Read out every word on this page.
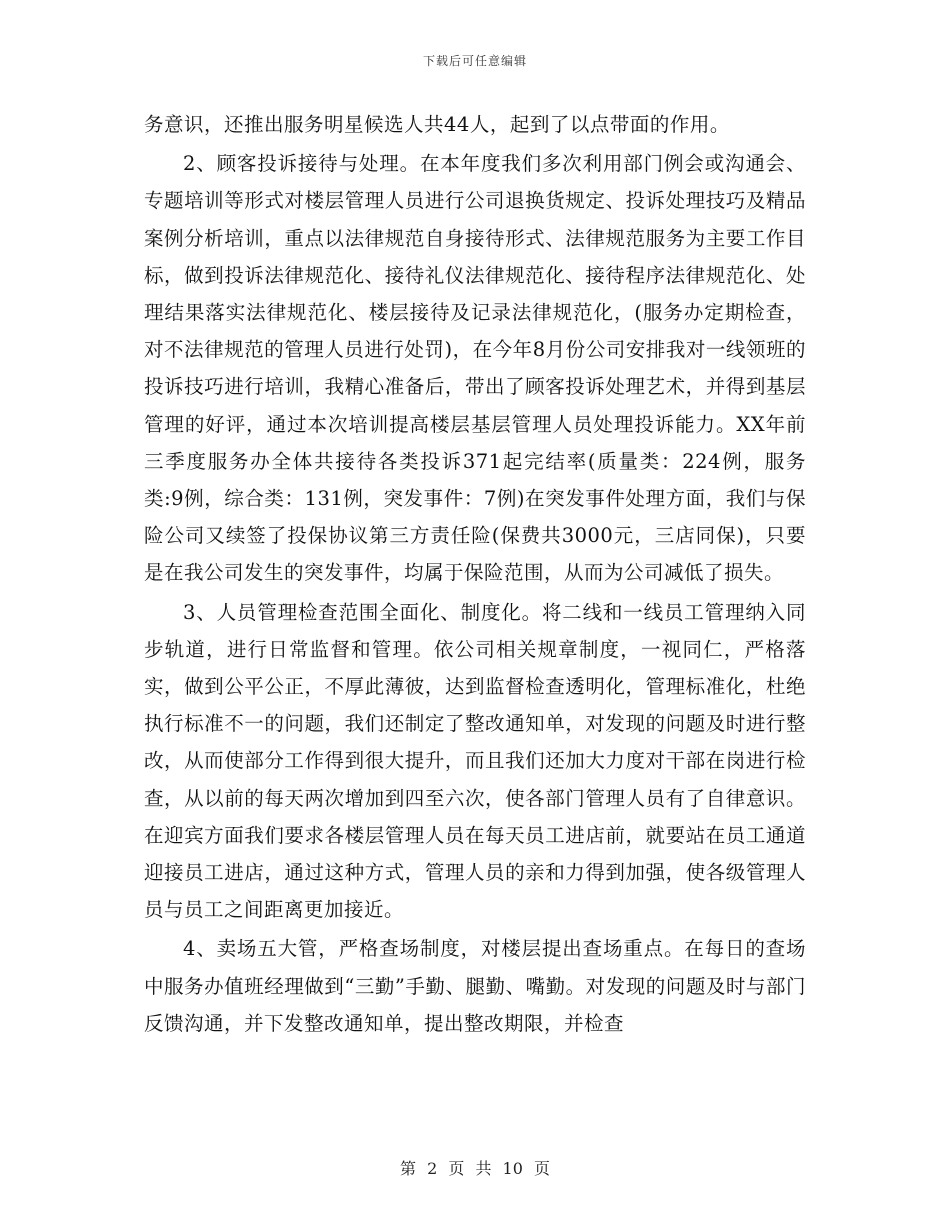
下载后可任意编辑

务意识，还推出服务明星候选人共44人，起到了以点带面的作用。

2、顾客投诉接待与处理。在本年度我们多次利用部门例会或沟通会、专题培训等形式对楼层管理人员进行公司退换货规定、投诉处理技巧及精品案例分析培训，重点以法律规范自身接待形式、法律规范服务为主要工作目标，做到投诉法律规范化、接待礼仪法律规范化、接待程序法律规范化、处理结果落实法律规范化、楼层接待及记录法律规范化，(服务办定期检查，对不法律规范的管理人员进行处罚)，在今年8月份公司安排我对一线领班的投诉技巧进行培训，我精心准备后，带出了顾客投诉处理艺术，并得到基层管理的好评，通过本次培训提高楼层基层管理人员处理投诉能力。XX年前三季度服务办全体共接待各类投诉371起完结率(质量类：224例，服务类:9例，综合类：131例，突发事件：7例)在突发事件处理方面，我们与保险公司又续签了投保协议第三方责任险(保费共3000元，三店同保)，只要是在我公司发生的突发事件，均属于保险范围，从而为公司减低了损失。

3、人员管理检查范围全面化、制度化。将二线和一线员工管理纳入同步轨道，进行日常监督和管理。依公司相关规章制度，一视同仁，严格落实，做到公平公正，不厚此薄彼，达到监督检查透明化，管理标准化，杜绝执行标准不一的问题，我们还制定了整改通知单，对发现的问题及时进行整改，从而使部分工作得到很大提升，而且我们还加大力度对干部在岗进行检查，从以前的每天两次增加到四至六次，使各部门管理人员有了自律意识。在迎宾方面我们要求各楼层管理人员在每天员工进店前，就要站在员工通道迎接员工进店，通过这种方式，管理人员的亲和力得到加强，使各级管理人员与员工之间距离更加接近。

4、卖场五大管，严格查场制度，对楼层提出查场重点。在每日的查场中服务办值班经理做到“三勤”手勤、腿勤、嘴勤。对发现的问题及时与部门反馈沟通，并下发整改通知单，提出整改期限，并检查

第 2 页 共 10 页
